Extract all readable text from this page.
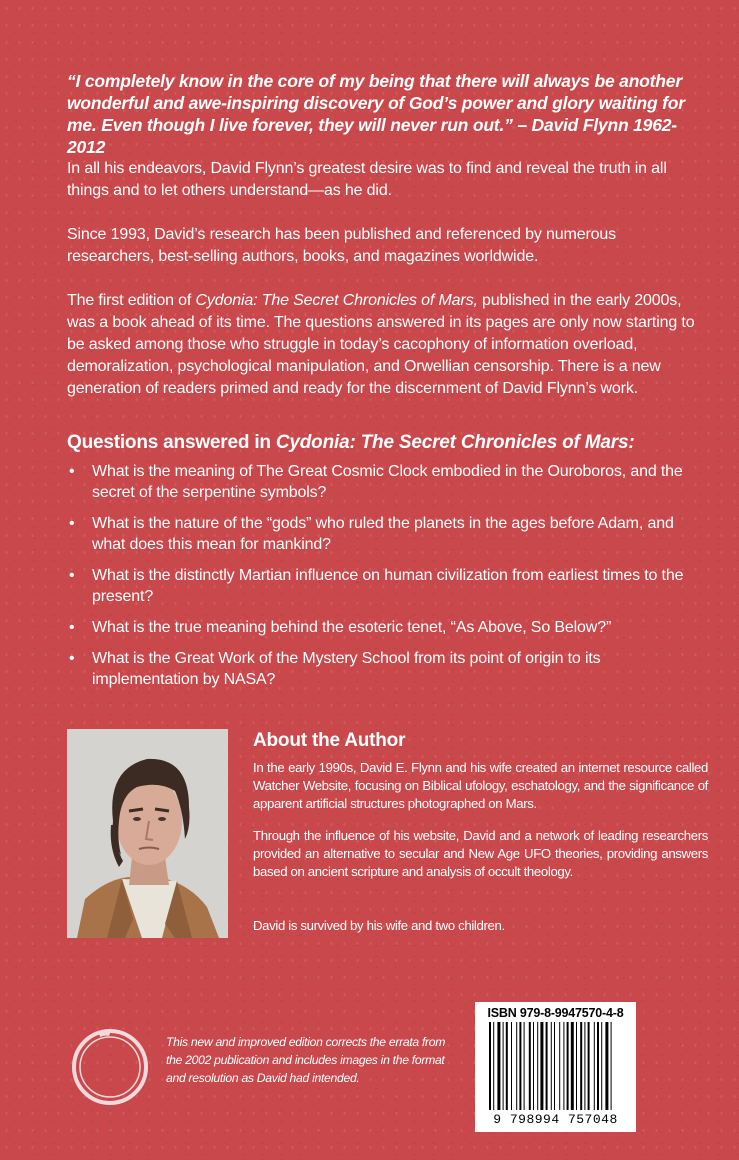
“I completely know in the core of my being that there will always be another wonderful and awe-inspiring discovery of God’s power and glory waiting for me. Even though I live forever, they will never run out.” – David Flynn 1962-2012
In all his endeavors, David Flynn’s greatest desire was to find and reveal the truth in all things and to let others understand—as he did.
Since 1993, David’s research has been published and referenced by numerous researchers, best-selling authors, books, and magazines worldwide.
The first edition of Cydonia: The Secret Chronicles of Mars, published in the early 2000s, was a book ahead of its time. The questions answered in its pages are only now starting to be asked among those who struggle in today’s cacophony of information overload, demoralization, psychological manipulation, and Orwellian censorship. There is a new generation of readers primed and ready for the discernment of David Flynn’s work.
Questions answered in Cydonia: The Secret Chronicles of Mars:
•	What is the meaning of The Great Cosmic Clock embodied in the Ouroboros, and the secret of the serpentine symbols?
•	What is the nature of the “gods” who ruled the planets in the ages before Adam, and what does this mean for mankind?
•	What is the distinctly Martian influence on human civilization from earliest times to the present?
•	What is the true meaning behind the esoteric tenet, “As Above, So Below?”
•	What is the Great Work of the Mystery School from its point of origin to its implementation by NASA?
About the Author
In the early 1990s, David E. Flynn and his wife created an internet resource called Watcher Website, focusing on Biblical ufology, eschatology, and the significance of apparent artificial structures photographed on Mars.
Through the influence of his website, David and a network of leading researchers provided an alternative to secular and New Age UFO theories, providing answers based on ancient scripture and analysis of occult theology.
David is survived by his wife and two children.
This new and improved edition corrects the errata from the 2002 publication and includes images in the format and resolution as David had intended.
ISBN 979-8-9947570-4-8
9 798994 757048
